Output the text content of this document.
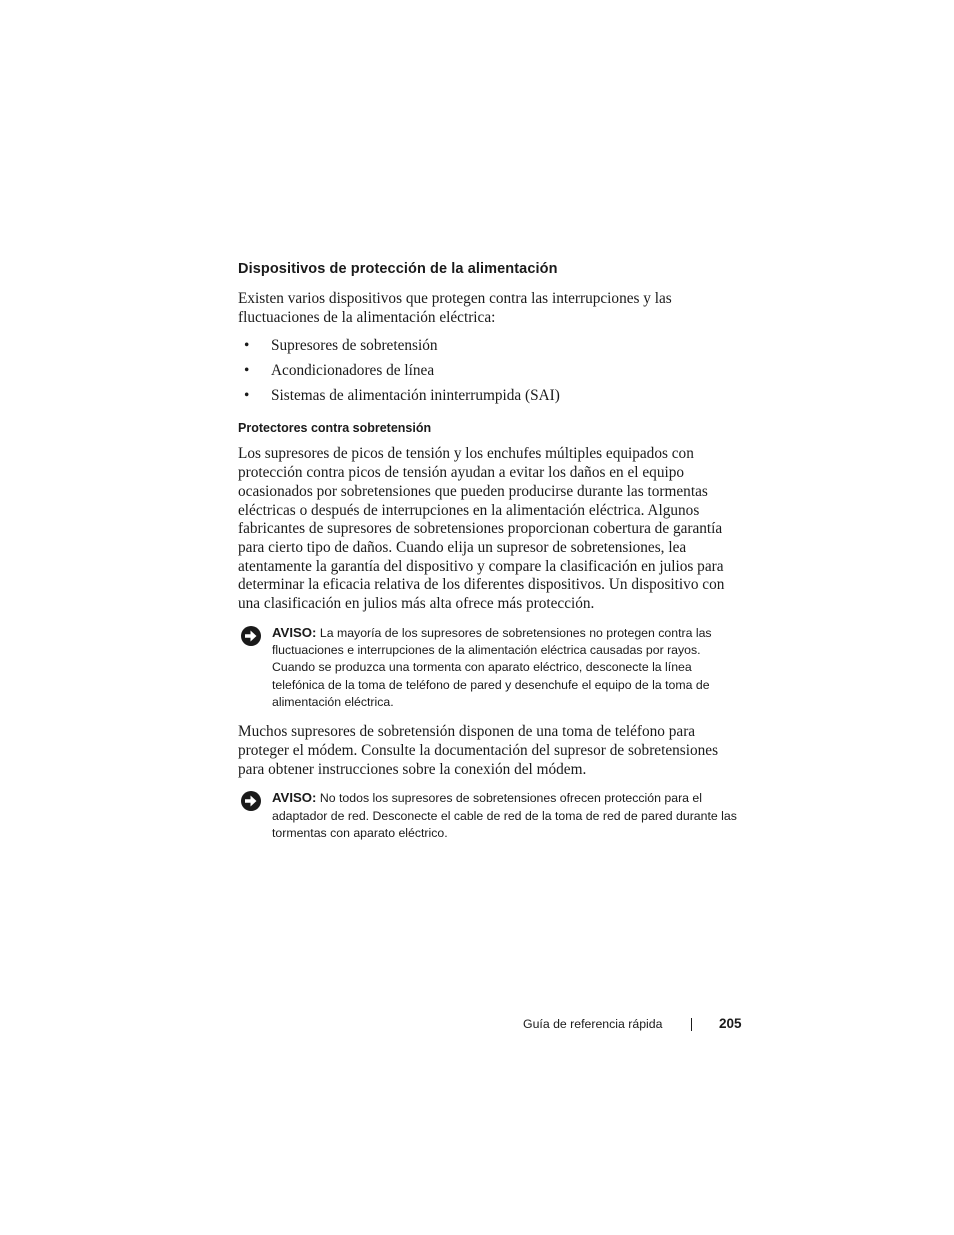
Dispositivos de protección de la alimentación

Existen varios dispositivos que protegen contra las interrupciones y las fluctuaciones de la alimentación eléctrica:

• Supresores de sobretensión
• Acondicionadores de línea
• Sistemas de alimentación ininterrumpida (SAI)
Protectores contra sobretensión

Los supresores de picos de tensión y los enchufes múltiples equipados con protección contra picos de tensión ayudan a evitar los daños en el equipo ocasionados por sobretensiones que pueden producirse durante las tormentas eléctricas o después de interrupciones en la alimentación eléctrica. Algunos fabricantes de supresores de sobretensiones proporcionan cobertura de garantía para cierto tipo de daños. Cuando elija un supresor de sobretensiones, lea atentamente la garantía del dispositivo y compare la clasificación en julios para determinar la eficacia relativa de los diferentes dispositivos. Un dispositivo con una clasificación en julios más alta ofrece más protección.

AVISO: La mayoría de los supresores de sobretensiones no protegen contra las fluctuaciones e interrupciones de la alimentación eléctrica causadas por rayos. Cuando se produzca una tormenta con aparato eléctrico, desconecte la línea telefónica de la toma de teléfono de pared y desenchufe el equipo de la toma de alimentación eléctrica.

Muchos supresores de sobretensión disponen de una toma de teléfono para proteger el módem. Consulte la documentación del supresor de sobretensiones para obtener instrucciones sobre la conexión del módem.

AVISO: No todos los supresores de sobretensiones ofrecen protección para el adaptador de red. Desconecte el cable de red de la toma de red de pared durante las tormentas con aparato eléctrico.
Guía de referencia rápida	205
